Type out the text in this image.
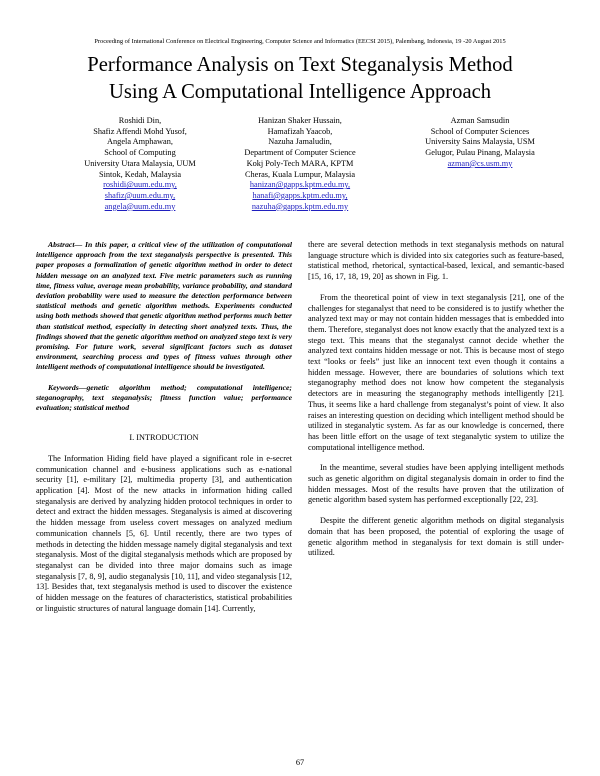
Proceeding of International Conference on Electrical Engineering, Computer Science and Informatics (EECSI 2015), Palembang, Indonesia, 19 -20 August 2015
Performance Analysis on Text Steganalysis Method
Using A Computational Intelligence Approach
Roshidi Din,
Shafiz Affendi Mohd Yusof,
Angela Amphawan,
School of Computing
University Utara Malaysia, UUM
Sintok, Kedah, Malaysia
roshidi@uum.edu.my,
shafiz@uum.edu.my,
angela@uum.edu.my
Hanizan Shaker Hussain,
Hamafizah Yaacob,
Nazuha Jamaludin,
Department of Computer Science
Kokj Poly-Tech MARA, KPTM
Cheras, Kuala Lumpur, Malaysia
hanizan@gapps.kptm.edu.my,
hanafi@gapps.kptm.edu.my,
nazuha@gapps.kptm.edu.my
Azman Samsudin
School of Computer Sciences
University Sains Malaysia, USM
Gelugor, Pulau Pinang, Malaysia
azman@cs.usm.my

Abstract— In this paper, a critical view of the utilization of computational intelligence approach from the text steganalysis perspective is presented. This paper proposes a formalization of genetic algorithm method in order to detect hidden message on an analyzed text. Five metric parameters such as running time, fitness value, average mean probability, variance probability, and standard deviation probability were used to measure the detection performance between statistical methods and genetic algorithm methods. Experiments conducted using both methods showed that genetic algorithm method performs much better than statistical method, especially in detecting short analyzed texts. Thus, the findings showed that the genetic algorithm method on analyzed stego text is very promising. For future work, several significant factors such as dataset environment, searching process and types of fitness values through other intelligent methods of computational intelligence should be investigated.

Keywords—genetic algorithm method; computational intelligence; steganography, text steganalysis; fitness function value; performance evaluation; statistical method

I. INTRODUCTION

The Information Hiding field have played a significant role in e-secret communication channel and e-business applications such as e-national security [1], e-military [2], multimedia property [3], and authentication application [4]. Most of the new attacks in information hiding called steganalysis are derived by analyzing hidden protocol techniques in order to detect and extract the hidden messages. Steganalysis is aimed at discovering the hidden message from useless covert messages on analyzed medium communication channels [5, 6]. Until recently, there are two types of methods in detecting the hidden message namely digital steganalysis and text steganalysis. Most of the digital steganalysis methods which are proposed by steganalyst can be divided into three major domains such as image steganalysis [7, 8, 9], audio steganalysis [10, 11], and video steganalysis [12, 13]. Besides that, text steganalysis method is used to discover the existence of hidden message on the features of characteristics, statistical probabilities or linguistic structures of natural language domain [14]. Currently,

there are several detection methods in text steganalysis methods on natural language structure which is divided into six categories such as feature-based, statistical method, rhetorical, syntactical-based, lexical, and semantic-based [15, 16, 17, 18, 19, 20] as shown in Fig. 1.

From the theoretical point of view in text steganalysis [21], one of the challenges for steganalyst that need to be considered is to justify whether the analyzed text may or may not contain hidden messages that is embedded into them. Therefore, steganalyst does not know exactly that the analyzed text is a stego text. This means that the steganalyst cannot decide whether the analyzed text contains hidden message or not. This is because most of stego text “looks or feels” just like an innocent text even though it contains a hidden message. However, there are boundaries of solutions which text steganography method does not know how competent the steganalysis detectors are in measuring the steganography methods intelligently [21]. Thus, it seems like a hard challenge from steganalyst’s point of view. It also raises an interesting question on deciding which intelligent method should be utilized in steganalytic system. As far as our knowledge is concerned, there has been little effort on the usage of text steganalytic system to utilize the computational intelligence method.

In the meantime, several studies have been applying intelligent methods such as genetic algorithm on digital steganalysis domain in order to find the hidden messages. Most of the results have proven that the utilization of genetic algorithm based system has performed exceptionally [22, 23].

Despite the different genetic algorithm methods on digital steganalysis domain that has been proposed, the potential of exploring the usage of genetic algorithm method in steganalysis for text domain is still under-utilized.

67
